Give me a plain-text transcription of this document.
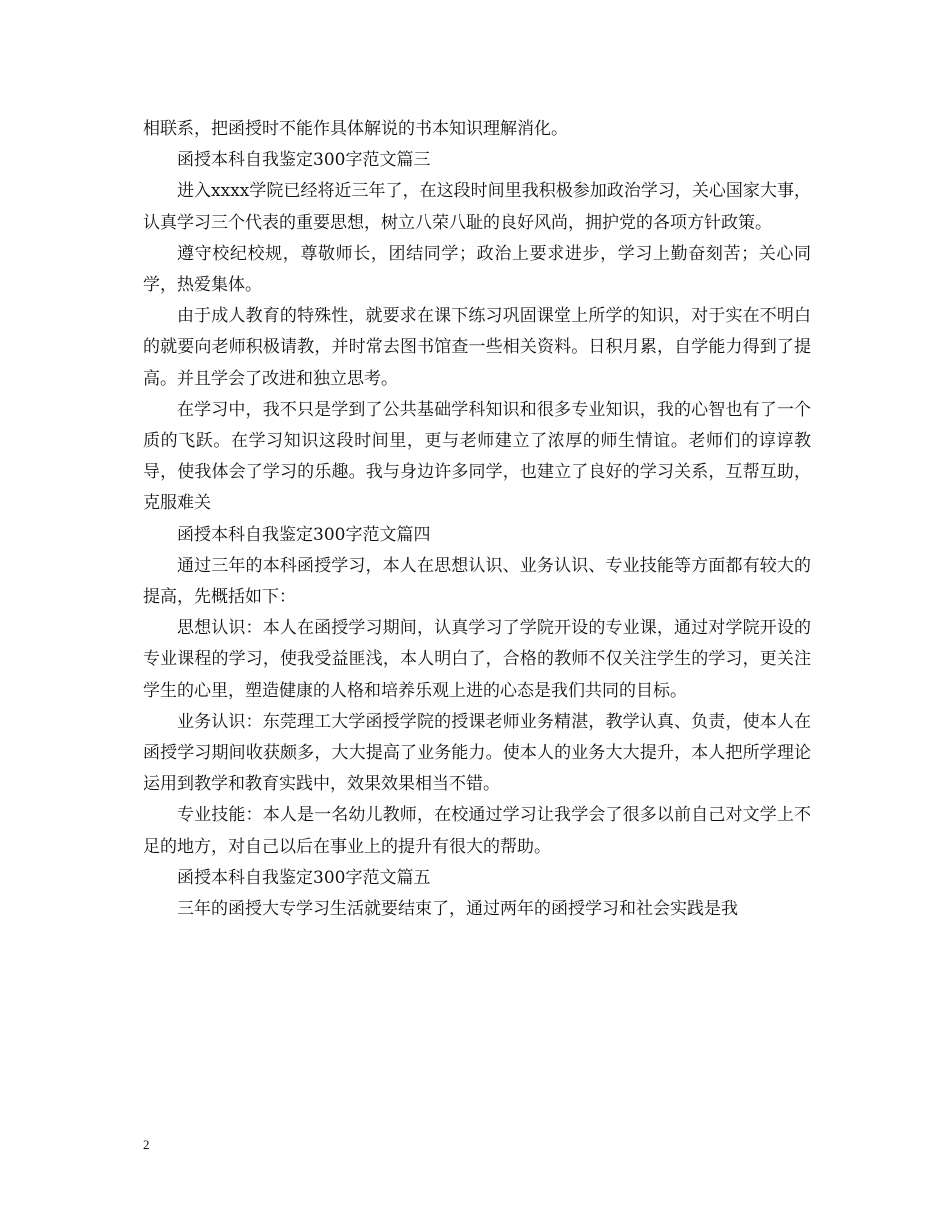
相联系，把函授时不能作具体解说的书本知识理解消化。

函授本科自我鉴定300字范文篇三

进入xxxx学院已经将近三年了，在这段时间里我积极参加政治学习，关心国家大事，认真学习三个代表的重要思想，树立八荣八耻的良好风尚，拥护党的各项方针政策。

遵守校纪校规，尊敬师长，团结同学；政治上要求进步，学习上勤奋刻苦；关心同学，热爱集体。

由于成人教育的特殊性，就要求在课下练习巩固课堂上所学的知识，对于实在不明白的就要向老师积极请教，并时常去图书馆查一些相关资料。日积月累，自学能力得到了提高。并且学会了改进和独立思考。

在学习中，我不只是学到了公共基础学科知识和很多专业知识，我的心智也有了一个质的飞跃。在学习知识这段时间里，更与老师建立了浓厚的师生情谊。老师们的谆谆教导，使我体会了学习的乐趣。我与身边许多同学，也建立了良好的学习关系，互帮互助，克服难关

函授本科自我鉴定300字范文篇四

通过三年的本科函授学习，本人在思想认识、业务认识、专业技能等方面都有较大的提高，先概括如下：

思想认识：本人在函授学习期间，认真学习了学院开设的专业课，通过对学院开设的专业课程的学习，使我受益匪浅，本人明白了，合格的教师不仅关注学生的学习，更关注学生的心里，塑造健康的人格和培养乐观上进的心态是我们共同的目标。

业务认识：东莞理工大学函授学院的授课老师业务精湛，教学认真、负责，使本人在函授学习期间收获颇多，大大提高了业务能力。使本人的业务大大提升，本人把所学理论运用到教学和教育实践中，效果效果相当不错。

专业技能：本人是一名幼儿教师，在校通过学习让我学会了很多以前自己对文学上不足的地方，对自己以后在事业上的提升有很大的帮助。

函授本科自我鉴定300字范文篇五

三年的函授大专学习生活就要结束了，通过两年的函授学习和社会实践是我

2
